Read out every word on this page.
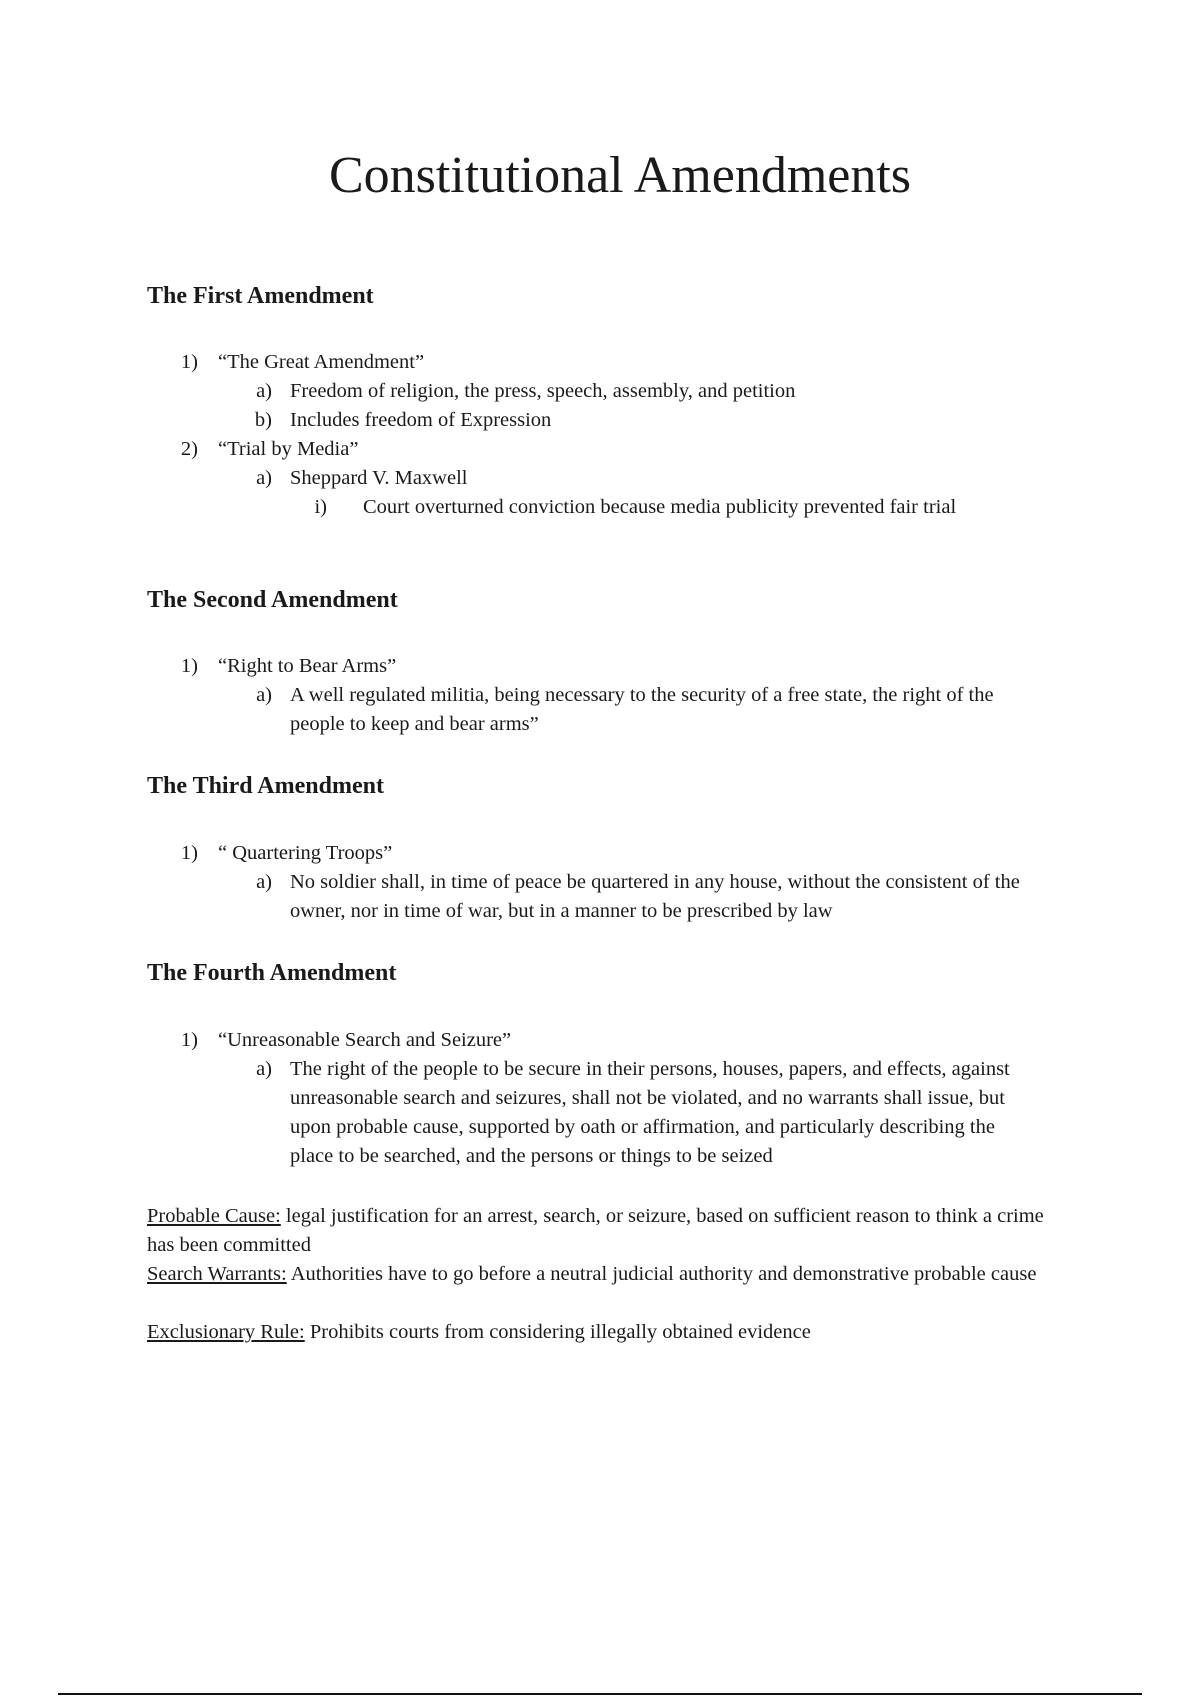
Constitutional Amendments
The First Amendment
1) “The Great Amendment”
a) Freedom of religion, the press, speech, assembly, and petition
b) Includes freedom of Expression
2) “Trial by Media”
a) Sheppard V. Maxwell
i) Court overturned conviction because media publicity prevented fair trial
The Second Amendment
1) “Right to Bear Arms”
a) A well regulated militia, being necessary to the security of a free state, the right of the
people to keep and bear arms”
The Third Amendment
1) “ Quartering Troops”
a) No soldier shall, in time of peace be quartered in any house, without the consistent of the
owner, nor in time of war, but in a manner to be prescribed by law
The Fourth Amendment
1) “Unreasonable Search and Seizure”
a) The right of the people to be secure in their persons, houses, papers, and effects, against
unreasonable search and seizures, shall not be violated, and no warrants shall issue, but
upon probable cause, supported by oath or affirmation, and particularly describing the
place to be searched, and the persons or things to be seized
Probable Cause: legal justification for an arrest, search, or seizure, based on sufficient reason to think a crime has been committed
Search Warrants: Authorities have to go before a neutral judicial authority and demonstrative probable cause
Exclusionary Rule: Prohibits courts from considering illegally obtained evidence
